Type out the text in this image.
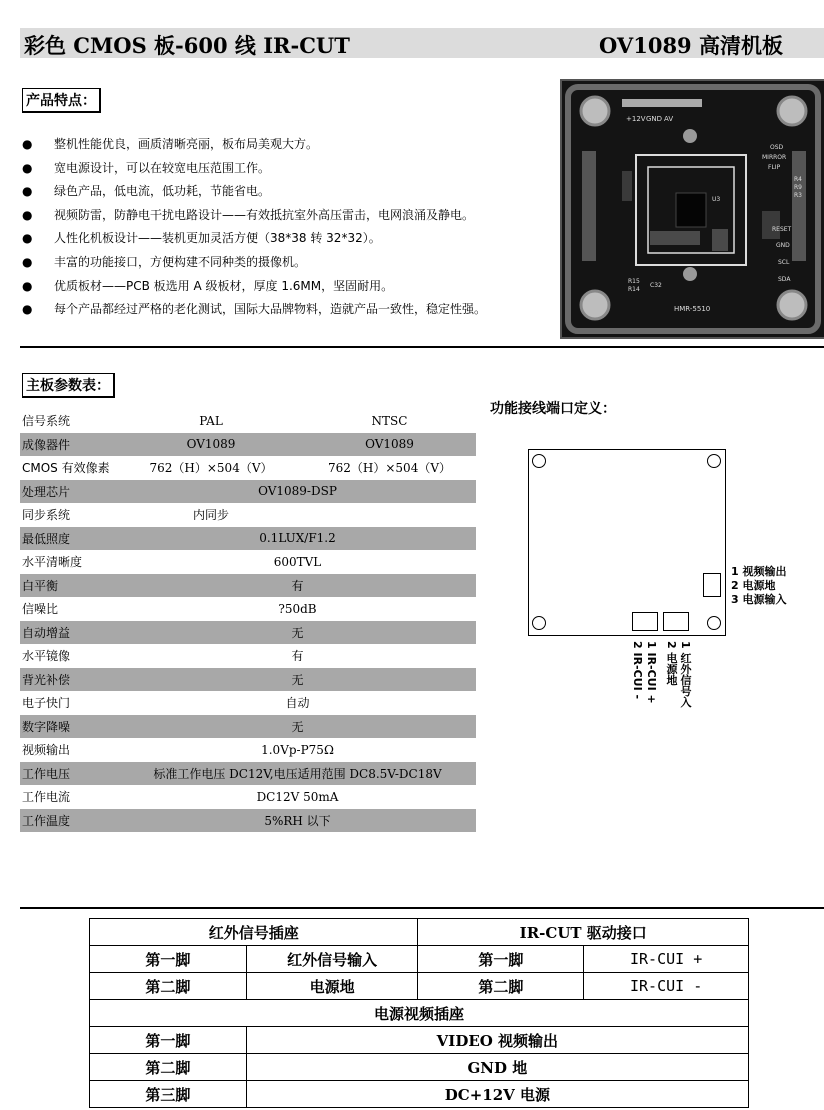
彩色 CMOS 板-600 线 IR-CUT	OV1089 高清机板
产品特点：
● 整机性能优良，画质清晰亮丽，板布局美观大方。
● 宽电源设计，可以在较宽电压范围工作。
● 绿色产品，低电流，低功耗，节能省电。
● 视频防雷，防静电干扰电路设计——有效抵抗室外高压雷击，电网浪涌及静电。
● 人性化机板设计——装机更加灵活方便（38*38 转 32*32）。
● 丰富的功能接口，方便构建不同种类的摄像机。
● 优质板材——PCB 板选用 A 级板材，厚度 1.6MM，坚固耐用。
● 每个产品都经过严格的老化测试，国际大品牌物料，造就产品一致性，稳定性强。
+12V GND AV
OSD
MIRROR
FLIP
R4
R9
R3
RESET
GND
SCL
SDA
U3
R15
R14
C32
HMR-5510
主板参数表：
信号系统	PAL	NTSC
成像器件	OV1089	OV1089
CMOS 有效像素	762（H）×504（V）	762（H）×504（V）
处理芯片	OV1089-DSP	
同步系统	内同步	
最低照度	0.1LUX/F1.2	
水平清晰度	600TVL	
白平衡	有	
信噪比	?50dB	
自动增益	无	
水平镜像	有	
背光补偿	无	
电子快门	自动	
数字降噪	无	
视频输出	1.0Vp-P75Ω	
工作电压	标准工作电压 DC12V,电压适用范围 DC8.5V-DC18V	
工作电流	DC12V 50mA	
工作温度	5%RH 以下	
功能接线端口定义：
1 视频输出
2 电源地
3 电源输入
1 红外信号入
2 电源地
1 IR-CUI +
2 IR-CUI -
红外信号插座		IR-CUT 驱动接口	
第一脚	红外信号输入	第一脚	IR-CUI +
第二脚	电源地	第二脚	IR-CUI -
电源视频插座			
第一脚	VIDEO 视频输出		
第二脚	GND 地		
第三脚	DC+12V 电源		
